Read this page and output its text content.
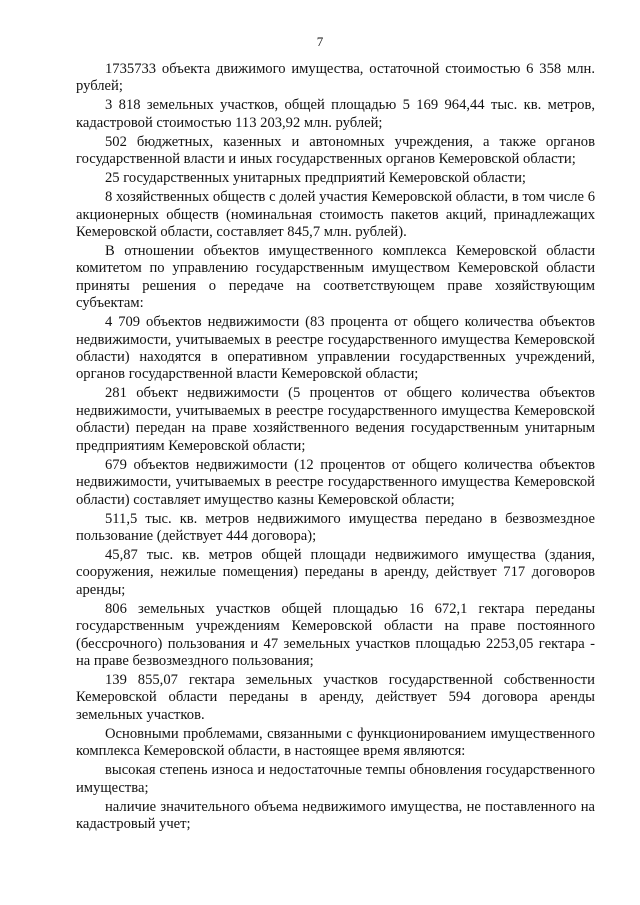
7

1735733 объекта движимого имущества, остаточной стоимостью 6 358 млн. рублей;

3 818 земельных участков, общей площадью 5 169 964,44 тыс. кв. метров, кадастровой стоимостью 113 203,92 млн. рублей;

502 бюджетных, казенных и автономных учреждения, а также органов государственной власти и иных государственных органов Кемеровской области;

25 государственных унитарных предприятий Кемеровской области;

8 хозяйственных обществ с долей участия Кемеровской области, в том числе 6 акционерных обществ (номинальная стоимость пакетов акций, принадлежащих Кемеровской области, составляет 845,7 млн. рублей).

В отношении объектов имущественного комплекса Кемеровской области комитетом по управлению государственным имуществом Кемеровской области приняты решения о передаче на соответствующем праве хозяйствующим субъектам:

4 709 объектов недвижимости (83 процента от общего количества объектов недвижимости, учитываемых в реестре государственного имущества Кемеровской области) находятся в оперативном управлении государственных учреждений, органов государственной власти Кемеровской области;

281 объект недвижимости (5 процентов от общего количества объектов недвижимости, учитываемых в реестре государственного имущества Кемеровской области) передан на праве хозяйственного ведения государственным унитарным предприятиям Кемеровской области;

679 объектов недвижимости (12 процентов от общего количества объектов недвижимости, учитываемых в реестре государственного имущества Кемеровской области) составляет имущество казны Кемеровской области;

511,5 тыс. кв. метров недвижимого имущества передано в безвозмездное пользование (действует 444 договора);

45,87 тыс. кв. метров общей площади недвижимого имущества (здания, сооружения, нежилые помещения) переданы в аренду, действует 717 договоров аренды;

806 земельных участков общей площадью 16 672,1 гектара переданы государственным учреждениям Кемеровской области на праве постоянного (бессрочного) пользования и 47 земельных участков площадью 2253,05 гектара - на праве безвозмездного пользования;

139 855,07 гектара земельных участков государственной собственности Кемеровской области переданы в аренду, действует 594 договора аренды земельных участков.

Основными проблемами, связанными с функционированием имущественного комплекса Кемеровской области, в настоящее время являются:

высокая степень износа и недостаточные темпы обновления государственного имущества;

наличие значительного объема недвижимого имущества, не поставленного на кадастровый учет;
